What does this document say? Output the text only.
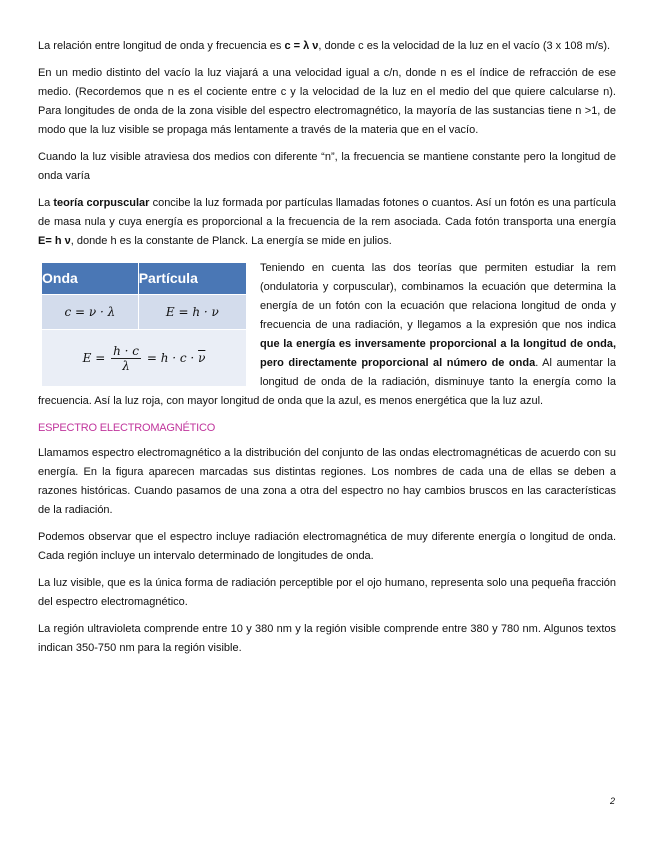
La relación entre longitud de onda y frecuencia es c = λ ν, donde c es la velocidad de la luz en el vacío (3 x 108 m/s).

En un medio distinto del vacío la luz viajará a una velocidad igual a c/n, donde n es el índice de refracción de ese medio. (Recordemos que n es el cociente entre c y la velocidad de la luz en el medio del que quiere calcularse n). Para longitudes de onda de la zona visible del espectro electromagnético, la mayoría de las sustancias tiene n >1, de modo que la luz visible se propaga más lentamente a través de la materia que en el vacío.

Cuando la luz visible atraviesa dos medios con diferente “n”, la frecuencia se mantiene constante pero la longitud de onda varía

La teoría corpuscular concibe la luz formada por partículas llamadas fotones o cuantos. Así un fotón es una partícula de masa nula y cuya energía es proporcional a la frecuencia de la rem asociada. Cada fotón transporta una energía E= h ν, donde h es la constante de Planck. La energía se mide en julios.

Onda	Partícula
c = ν · λ	E = h · ν
$E = \frac{h \cdot c}{\lambda} = h \cdot c \cdot \overline{\nu}$

Teniendo en cuenta las dos teorías que permiten estudiar la rem (ondulatoria y corpuscular), combinamos la ecuación que determina la energía de un fotón con la ecuación que relaciona longitud de onda y frecuencia de una radiación, y llegamos a la expresión que nos indica que la energía es inversamente proporcional a la longitud de onda, pero directamente proporcional al número de onda. Al aumentar la longitud de onda de la radiación, disminuye tanto la energía como la frecuencia. Así la luz roja, con mayor longitud de onda que la azul, es menos energética que la luz azul.

ESPECTRO ELECTROMAGNÉTICO

Llamamos espectro electromagnético a la distribución del conjunto de las ondas electromagnéticas de acuerdo con su energía. En la figura aparecen marcadas sus distintas regiones. Los nombres de cada una de ellas se deben a razones históricas. Cuando pasamos de una zona a otra del espectro no hay cambios bruscos en las características de la radiación.

Podemos observar que el espectro incluye radiación electromagnética de muy diferente energía o longitud de onda. Cada región incluye un intervalo determinado de longitudes de onda.

La luz visible, que es la única forma de radiación perceptible por el ojo humano, representa solo una pequeña fracción del espectro electromagnético.

La región ultravioleta comprende entre 10 y 380 nm y la región visible comprende entre 380 y 780 nm. Algunos textos indican 350-750 nm para la región visible.

2
